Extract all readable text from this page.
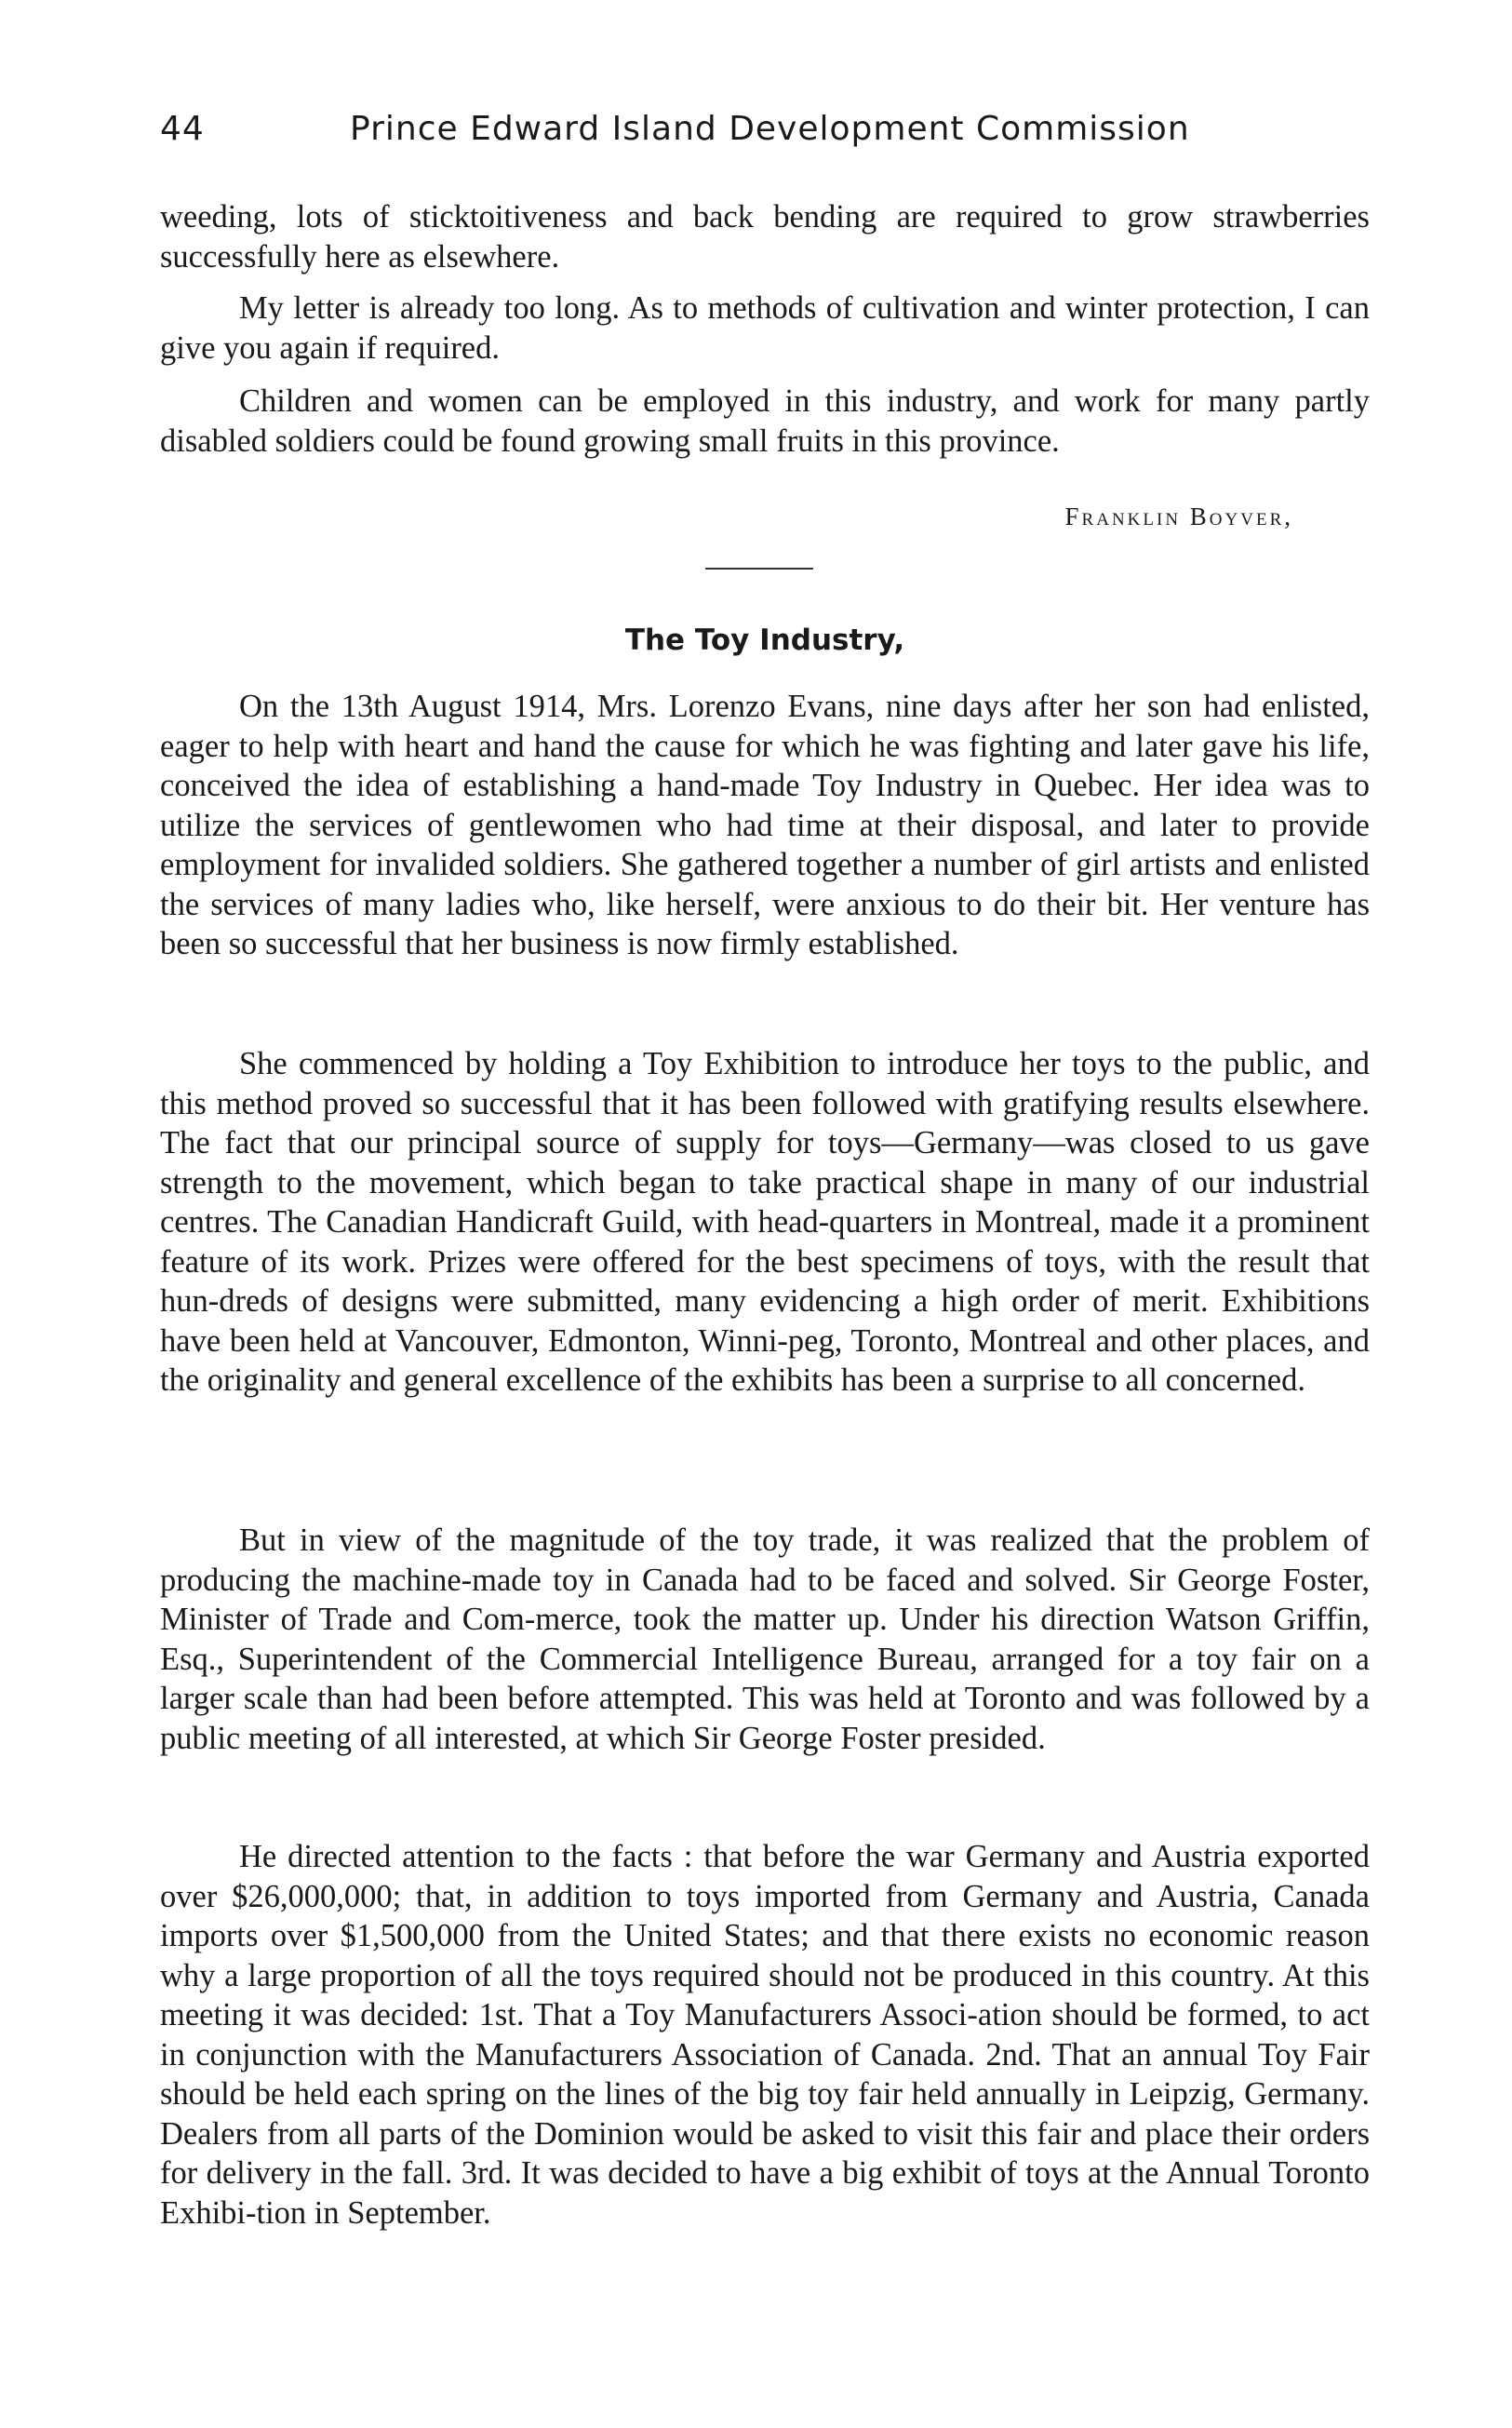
44	Prince Edward Island Development Commission

weeding, lots of sticktoitiveness and back bending are required to grow strawberries successfully here as elsewhere.

My letter is already too long. As to methods of cultivation and winter protection, I can give you again if required.

Children and women can be employed in this industry, and work for many partly disabled soldiers could be found growing small fruits in this province.

Franklin Boyver,
The Toy Industry,

On the 13th August 1914, Mrs. Lorenzo Evans, nine days after her son had enlisted, eager to help with heart and hand the cause for which he was fighting and later gave his life, conceived the idea of establishing a hand-made Toy Industry in Quebec. Her idea was to utilize the services of gentlewomen who had time at their disposal, and later to provide employment for invalided soldiers. She gathered together a number of girl artists and enlisted the services of many ladies who, like herself, were anxious to do their bit. Her venture has been so successful that her business is now firmly established.

She commenced by holding a Toy Exhibition to introduce her toys to the public, and this method proved so successful that it has been followed with gratifying results elsewhere. The fact that our principal source of supply for toys—Germany—was closed to us gave strength to the movement, which began to take practical shape in many of our industrial centres. The Canadian Handicraft Guild, with head-quarters in Montreal, made it a prominent feature of its work. Prizes were offered for the best specimens of toys, with the result that hun-dreds of designs were submitted, many evidencing a high order of merit. Exhibitions have been held at Vancouver, Edmonton, Winni-peg, Toronto, Montreal and other places, and the originality and general excellence of the exhibits has been a surprise to all concerned.

But in view of the magnitude of the toy trade, it was realized that the problem of producing the machine-made toy in Canada had to be faced and solved. Sir George Foster, Minister of Trade and Com-merce, took the matter up. Under his direction Watson Griffin, Esq., Superintendent of the Commercial Intelligence Bureau, arranged for a toy fair on a larger scale than had been before attempted. This was held at Toronto and was followed by a public meeting of all interested, at which Sir George Foster presided.

He directed attention to the facts : that before the war Germany and Austria exported over $26,000,000; that, in addition to toys imported from Germany and Austria, Canada imports over $1,500,000 from the United States; and that there exists no economic reason why a large proportion of all the toys required should not be produced in this country. At this meeting it was decided: 1st. That a Toy Manufacturers Associ-ation should be formed, to act in conjunction with the Manufacturers Association of Canada. 2nd. That an annual Toy Fair should be held each spring on the lines of the big toy fair held annually in Leipzig, Germany. Dealers from all parts of the Dominion would be asked to visit this fair and place their orders for delivery in the fall. 3rd. It was decided to have a big exhibit of toys at the Annual Toronto Exhibi-tion in September.
